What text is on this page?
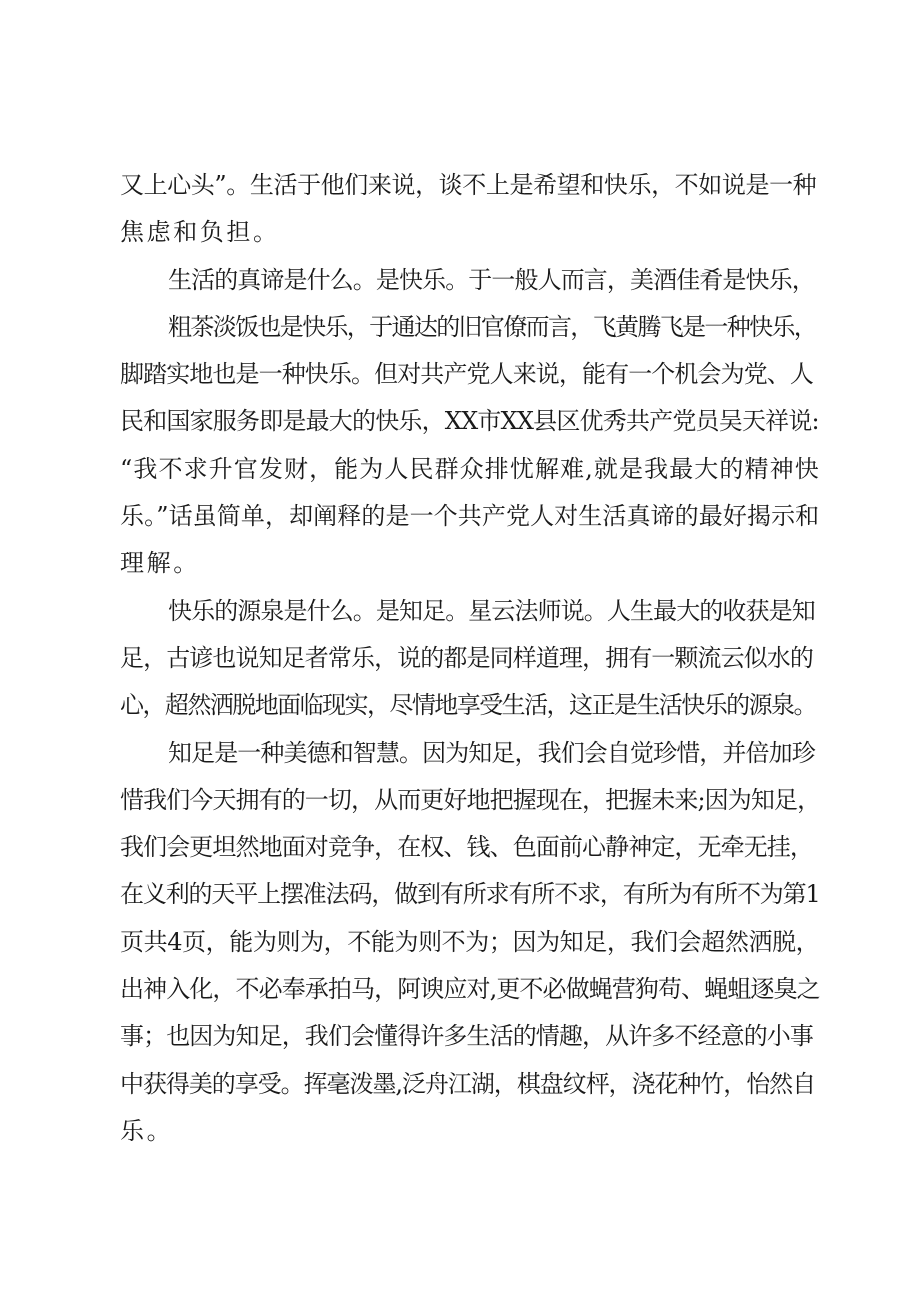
又上心头”。生活于他们来说，谈不上是希望和快乐，不如说是一种
焦虑和负担。
生活的真谛是什么。是快乐。于一般人而言，美酒佳肴是快乐，
粗茶淡饭也是快乐，于通达的旧官僚而言，飞黄腾飞是一种快乐，
脚踏实地也是一种快乐。但对共产党人来说，能有一个机会为党、人
民和国家服务即是最大的快乐，XX市XX县区优秀共产党员吴天祥说:
“我不求升官发财，能为人民群众排忧解难,就是我最大的精神快
乐。”话虽简单，却阐释的是一个共产党人对生活真谛的最好揭示和
理解。
快乐的源泉是什么。是知足。星云法师说。人生最大的收获是知
足，古谚也说知足者常乐，说的都是同样道理，拥有一颗流云似水的
心，超然洒脱地面临现实，尽情地享受生活，这正是生活快乐的源泉。
知足是一种美德和智慧。因为知足，我们会自觉珍惜，并倍加珍
惜我们今天拥有的一切，从而更好地把握现在，把握未来;因为知足，
我们会更坦然地面对竞争，在权、钱、色面前心静神定，无牵无挂，
在义利的天平上摆准法码，做到有所求有所不求，有所为有所不为第1
页共4页，能为则为，不能为则不为；因为知足，我们会超然洒脱，
出神入化，不必奉承拍马，阿谀应对,更不必做蝇营狗苟、蝇蛆逐臭之
事；也因为知足，我们会懂得许多生活的情趣，从许多不经意的小事
中获得美的享受。挥毫泼墨,泛舟江湖，棋盘纹枰，浇花种竹，怡然自
乐。
